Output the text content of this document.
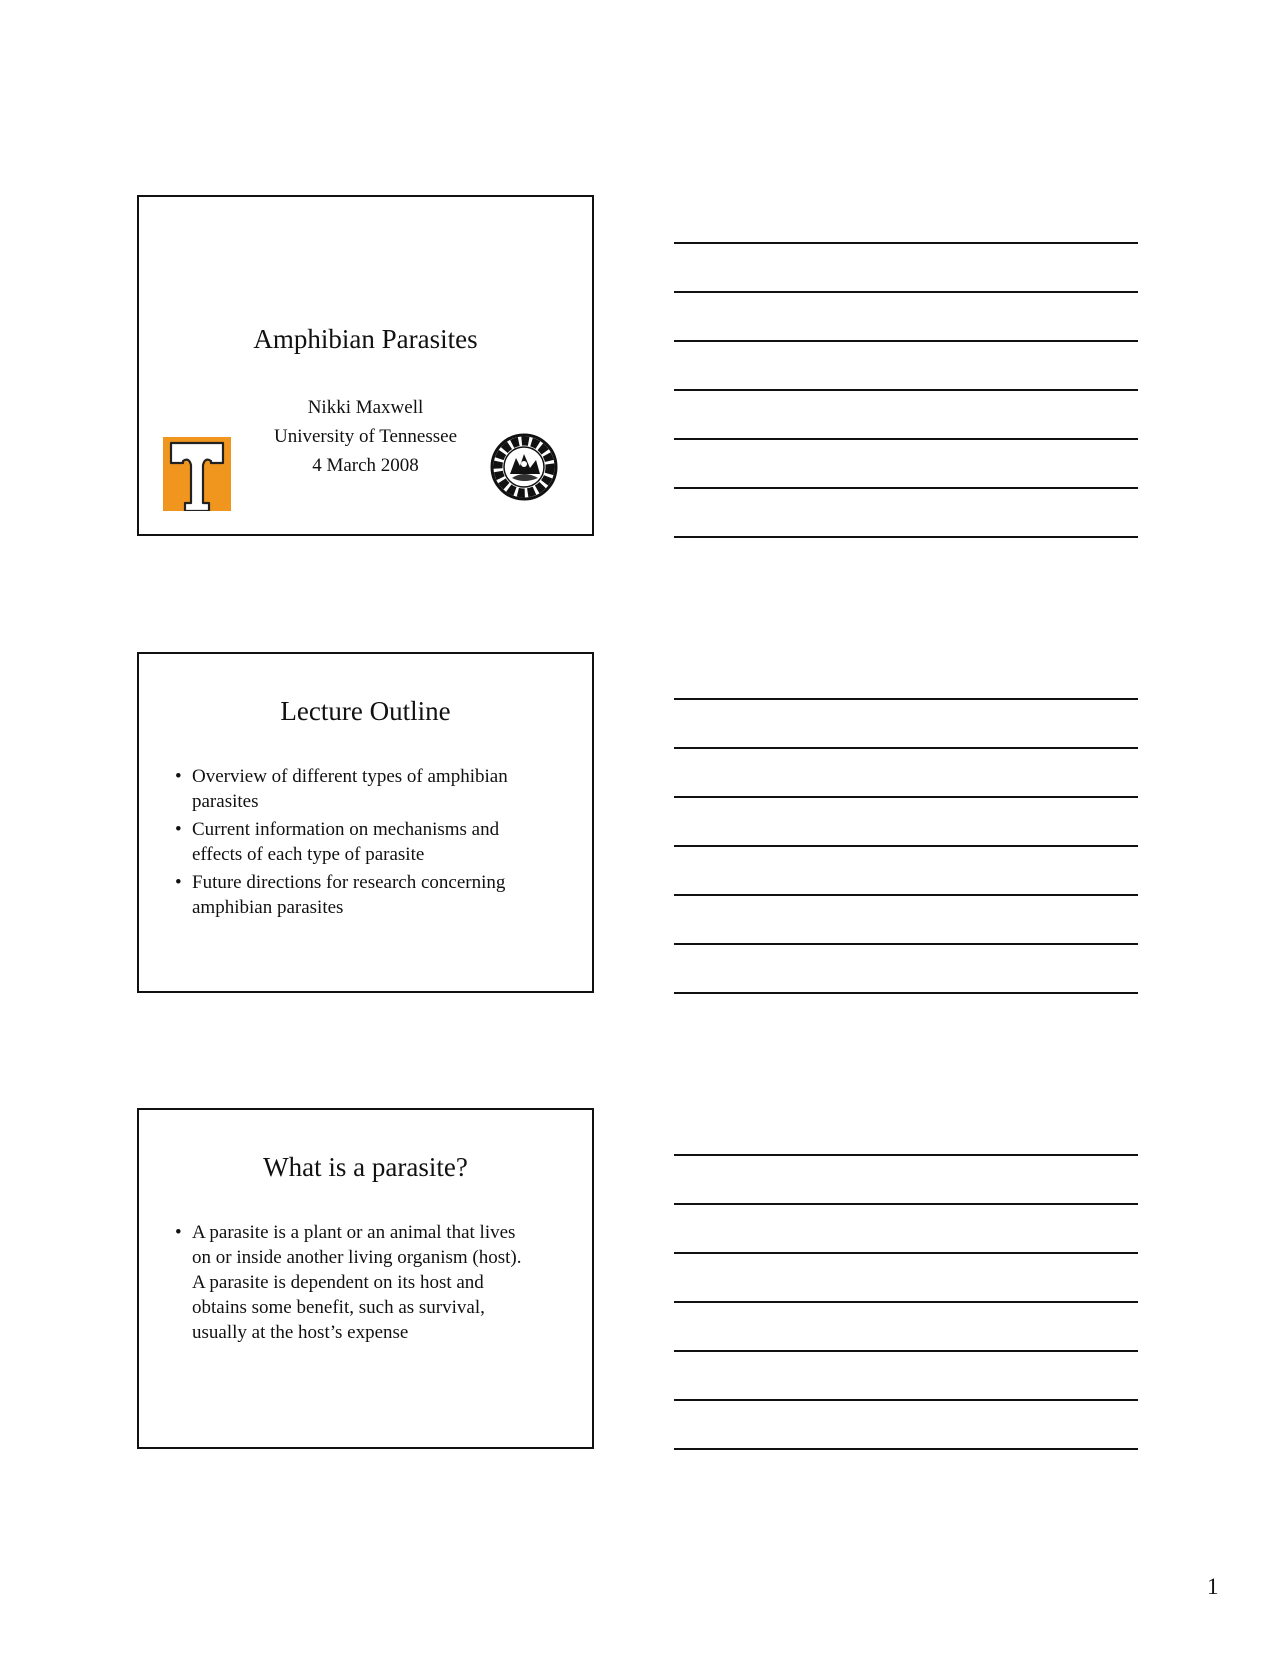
Amphibian Parasites
Nikki Maxwell
University of Tennessee
4 March 2008
Lecture Outline
• Overview of different types of amphibian
parasites
• Current information on mechanisms and
effects of each type of parasite
• Future directions for research concerning
amphibian parasites
What is a parasite?
• A parasite is a plant or an animal that lives
on or inside another living organism (host).
A parasite is dependent on its host and
obtains some benefit, such as survival,
usually at the host’s expense
1
